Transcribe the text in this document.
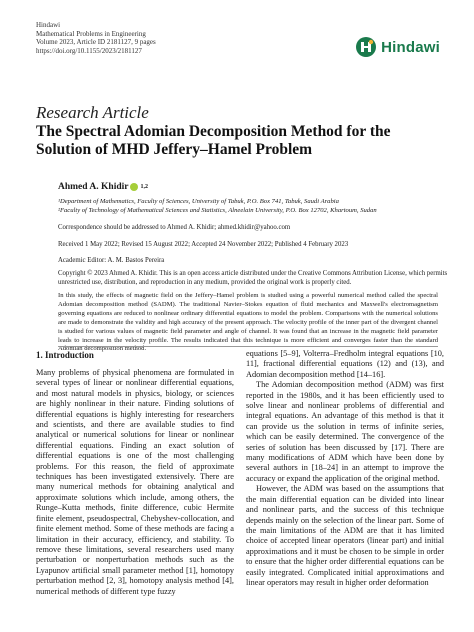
Hindawi
Mathematical Problems in Engineering
Volume 2023, Article ID 2181127, 9 pages
https://doi.org/10.1155/2023/2181127	Hindawi
Research Article
The Spectral Adomian Decomposition Method for the Solution of MHD Jeffery–Hamel Problem
Ahmed A. Khidir 1,2
¹Department of Mathematics, Faculty of Sciences, University of Tabuk, P.O. Box 741, Tabuk, Saudi Arabia
²Faculty of Technology of Mathematical Sciences and Statistics, Alneelain University, P.O. Box 12702, Khartoum, Sudan
Correspondence should be addressed to Ahmed A. Khidir; ahmed.khidir@yahoo.com
Received 1 May 2022; Revised 15 August 2022; Accepted 24 November 2022; Published 4 February 2023
Academic Editor: A. M. Bastos Pereira
Copyright © 2023 Ahmed A. Khidir. This is an open access article distributed under the Creative Commons Attribution License, which permits unrestricted use, distribution, and reproduction in any medium, provided the original work is properly cited.
In this study, the effects of magnetic field on the Jeffery–Hamel problem is studied using a powerful numerical method called the spectral Adomian decomposition method (SADM). The traditional Navier–Stokes equation of fluid mechanics and Maxwell's electromagnetism governing equations are reduced to nonlinear ordinary differential equations to model the problem. Comparisons with the numerical solutions are made to demonstrate the validity and high accuracy of the present approach. The velocity profile of the inner part of the divergent channel is studied for various values of magnetic field parameter and angle of channel. It was found that an increase in the magnetic field parameter leads to increase in the velocity profile. The results indicated that this technique is more efficient and converges faster than the standard Adomian decomposition method.
1. Introduction

Many problems of physical phenomena are formulated in several types of linear or nonlinear differential equations, and most natural models in physics, biology, or sciences are highly nonlinear in their nature. Finding solutions of differential equations is highly interesting for researchers and scientists, and there are available studies to find analytical or numerical solutions for linear or nonlinear differential equations. Finding an exact solution of differential equations is one of the most challenging problems. For this reason, the field of approximate techniques has been investigated extensively. There are many numerical methods for obtaining analytical and approximate solutions which include, among others, the Runge–Kutta methods, finite difference, cubic Hermite finite element, pseudospectral, Chebyshev-collocation, and finite element method. Some of these methods are facing a limitation in their accuracy, efficiency, and stability. To remove these limitations, several researchers used many perturbation or nonperturbation methods such as the Lyapunov artificial small parameter method [1], homotopy perturbation method [2, 3], homotopy analysis method [4], numerical methods of different type fuzzy

equations [5–9], Volterra–Fredholm integral equations [10, 11], fractional differential equations (12) and (13), and Adomian decomposition method [14–16].

The Adomian decomposition method (ADM) was first reported in the 1980s, and it has been efficiently used to solve linear and nonlinear problems of differential and integral equations. An advantage of this method is that it can provide us the solution in terms of infinite series, which can be easily determined. The convergence of the series of solution has been discussed by [17]. There are many modifications of ADM which have been done by several authors in [18–24] in an attempt to improve the accuracy or expand the application of the original method.

However, the ADM was based on the assumptions that the main differential equation can be divided into linear and nonlinear parts, and the success of this technique depends mainly on the selection of the linear part. Some of the main limitations of the ADM are that it has limited choice of accepted linear operators (linear part) and initial approximations and it must be chosen to be simple in order to ensure that the higher order differential equations can be easily integrated. Complicated initial approximations and linear operators may result in higher order deformation
